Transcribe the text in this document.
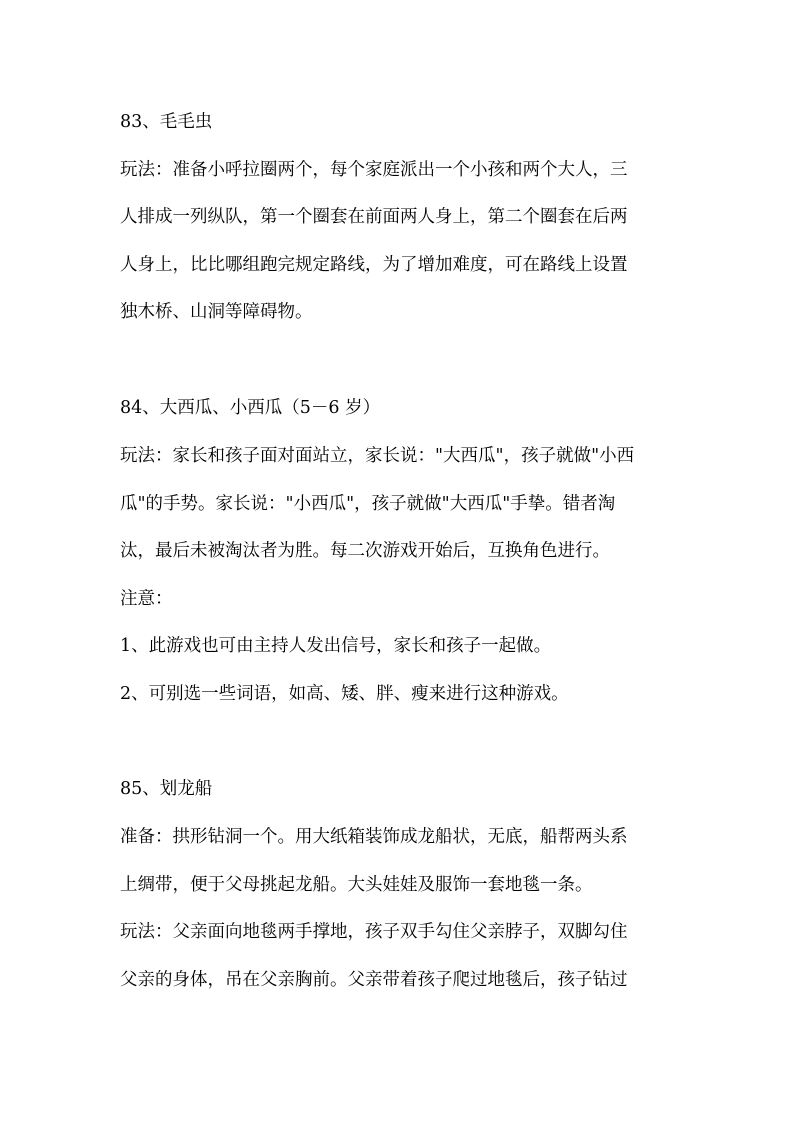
83、毛毛虫
玩法：准备小呼拉圈两个，每个家庭派出一个小孩和两个大人，三
人排成一列纵队，第一个圈套在前面两人身上，第二个圈套在后两
人身上，比比哪组跑完规定路线，为了增加难度，可在路线上设置
独木桥、山洞等障碍物。
84、大西瓜、小西瓜（5－6 岁）
玩法：家长和孩子面对面站立，家长说："大西瓜"，孩子就做"小西
瓜"的手势。家长说："小西瓜"，孩子就做"大西瓜"手挚。错者淘
汰，最后未被淘汰者为胜。每二次游戏开始后，互换角色进行。
注意：
1、此游戏也可由主持人发出信号，家长和孩子一起做。
2、可别选一些词语，如高、矮、胖、瘦来进行这种游戏。
85、划龙船
准备：拱形钻洞一个。用大纸箱装饰成龙船状，无底，船帮两头系
上绸带，便于父母挑起龙船。大头娃娃及服饰一套地毯一条。
玩法：父亲面向地毯两手撑地，孩子双手勾住父亲脖子，双脚勾住
父亲的身体，吊在父亲胸前。父亲带着孩子爬过地毯后，孩子钻过
